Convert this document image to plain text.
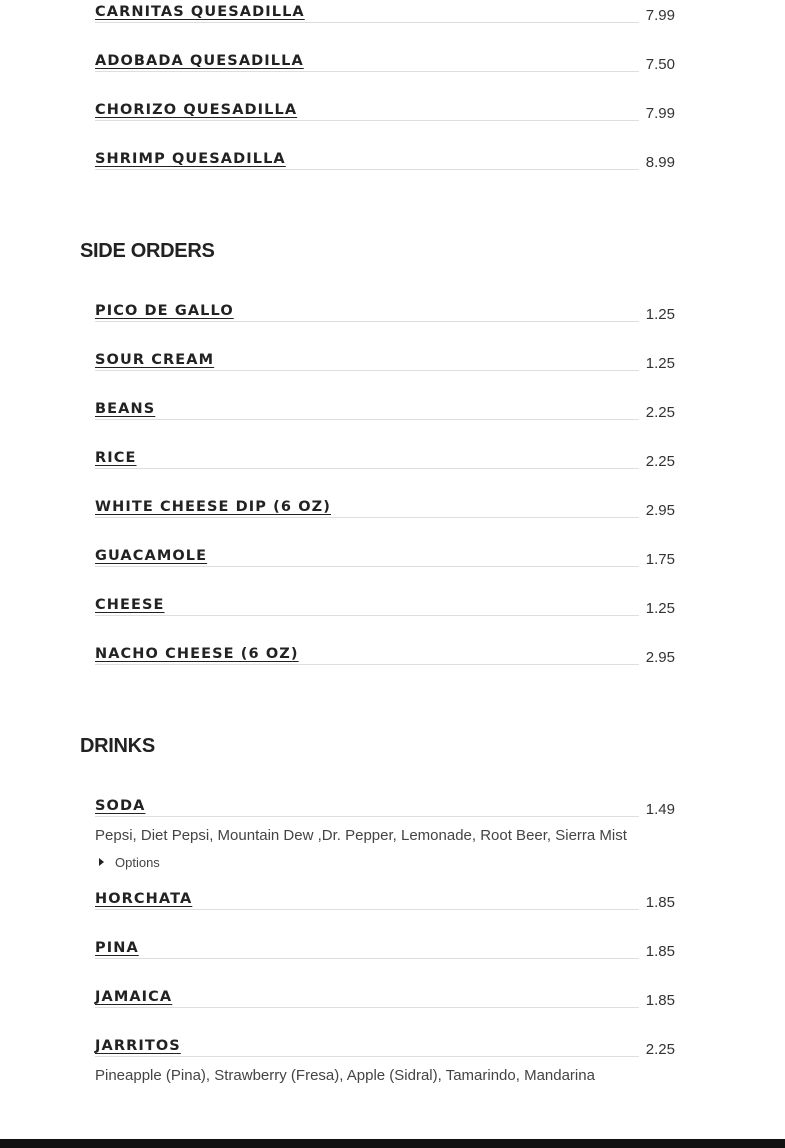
CARNITAS QUESADILLA	7.99
ADOBADA QUESADILLA	7.50
CHORIZO QUESADILLA	7.99
SHRIMP QUESADILLA	8.99
SIDE ORDERS
PICO DE GALLO	1.25
SOUR CREAM	1.25
BEANS	2.25
RICE	2.25
WHITE CHEESE DIP (6 OZ)	2.95
GUACAMOLE	1.75
CHEESE	1.25
NACHO CHEESE (6 OZ)	2.95
DRINKS
SODA	1.49
Pepsi, Diet Pepsi, Mountain Dew ,Dr. Pepper, Lemonade, Root Beer, Sierra Mist
Options
HORCHATA	1.85
PINA	1.85
JAMAICA	1.85
JARRITOS	2.25
Pineapple (Pina), Strawberry (Fresa), Apple (Sidral), Tamarindo, Mandarina
